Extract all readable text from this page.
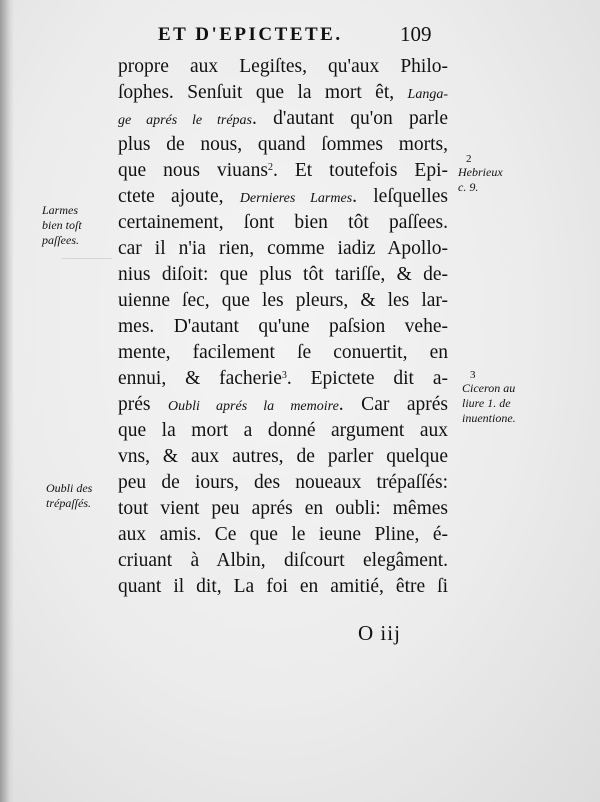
ET D'EPICTETE.	109
propre aux Legiſtes, qu'aux Philo-
ſophes. Senſuit que la mort êt, Langa-
ge aprés le trépas. d'autant qu'on parle
plus de nous, quand ſommes morts,
que nous viuans$^2$. Et toutefois Epi-
ctete ajoute, Dernieres Larmes. leſquelles
certainement, ſont bien tôt paſſees.
car il n'ia rien, comme iadiz Apollo-
nius diſoit: que plus tôt tariſſe, & de-
uienne ſec, que les pleurs, & les lar-
mes. D'autant qu'une paſsion vehe-
mente, facilement ſe conuertit, en
ennui, & facherie$^3$. Epictete dit a-
prés Oubli aprés la memoire. Car aprés
que la mort a donné argument aux
vns, & aux autres, de parler quelque
peu de iours, des noueaux trépaſſés:
tout vient peu aprés en oubli: mêmes
aux amis. Ce que le ieune Pline, é-
criuant à Albin, diſcourt elegâment.
quant il dit, La foi en amitié, être ſi
O iij
Larmes
bien toſt
paſſees.
Oubli des
trépaſſés.
2
Hebrieux
c. 9.
3
Ciceron au
liure 1. de
inuentione.
